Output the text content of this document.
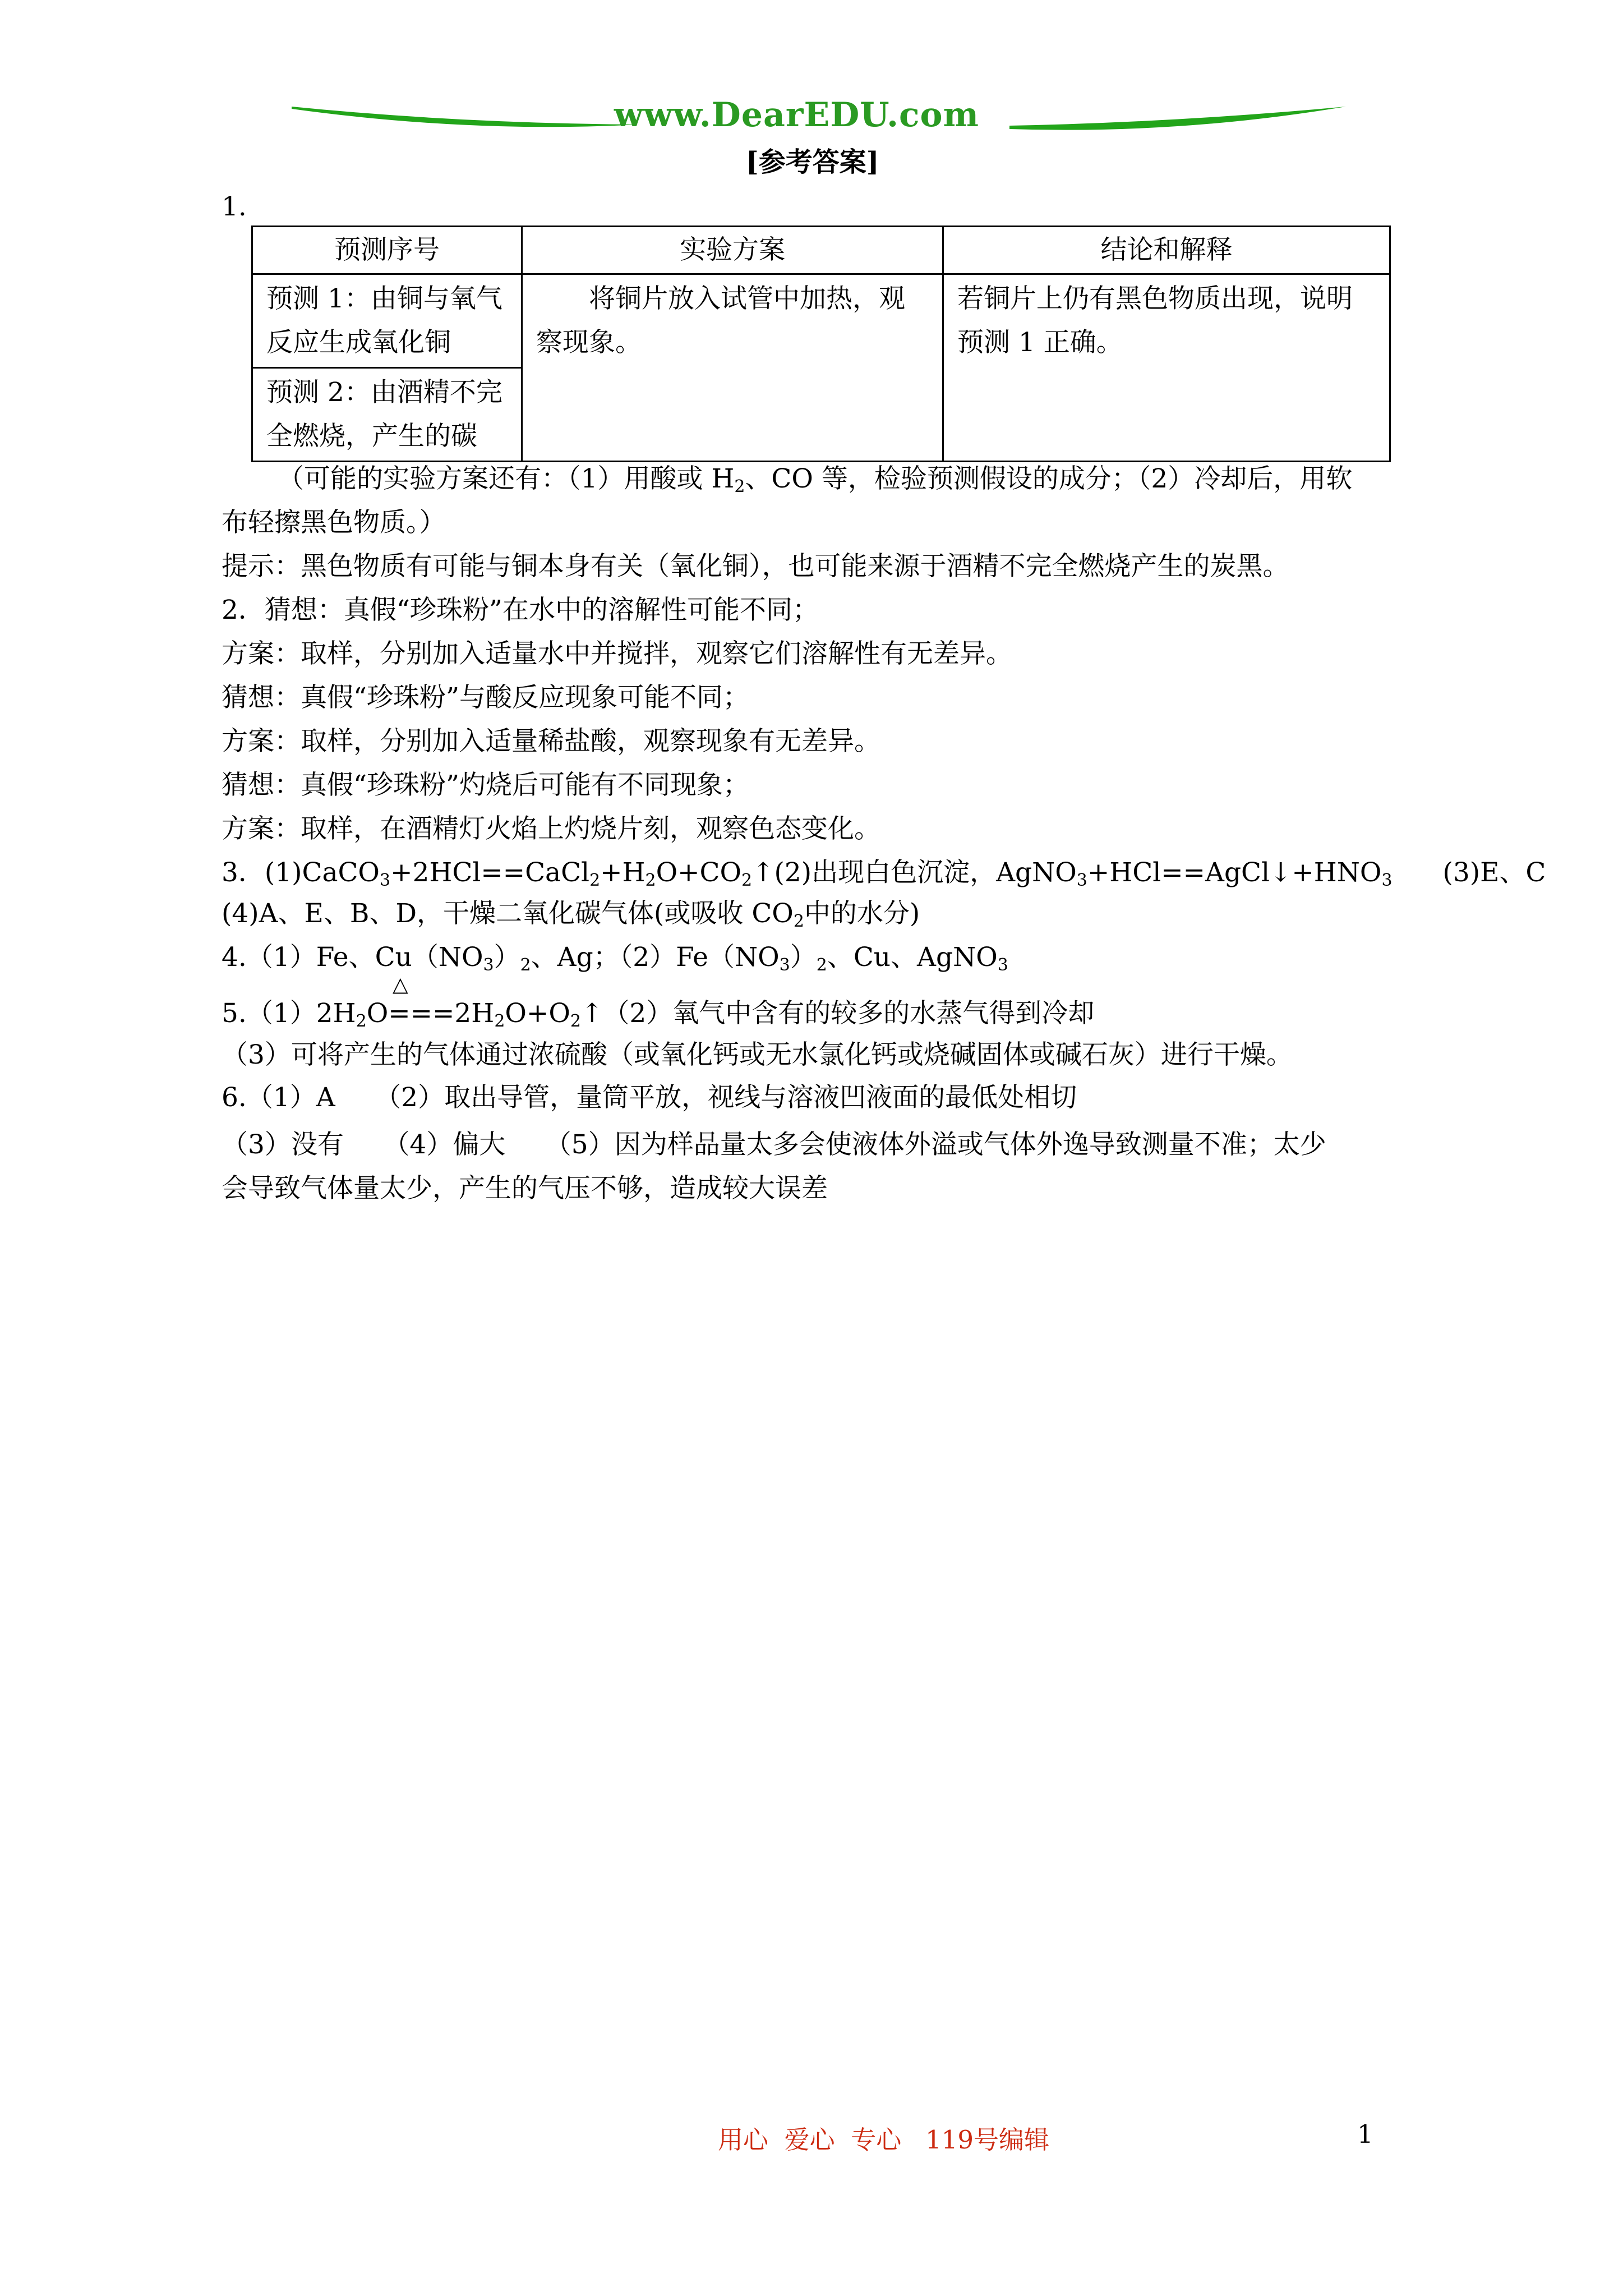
www.DearEDU.com
[参考答案]
1.
预测序号	实验方案	结论和解释
预测 1：由铜与氧气反应生成氧化铜	将铜片放入试管中加热，观察现象。	若铜片上仍有黑色物质出现，说明预测 1 正确。
预测 2：由酒精不完全燃烧，产生的碳		
（可能的实验方案还有：（1）用酸或 $H_2$、CO 等，检验预测假设的成分；（2）冷却后，用软
布轻擦黑色物质。）
提示：黑色物质有可能与铜本身有关（氧化铜），也可能来源于酒精不完全燃烧产生的炭黑。
2．猜想：真假“珍珠粉”在水中的溶解性可能不同；
方案：取样，分别加入适量水中并搅拌，观察它们溶解性有无差异。
猜想：真假“珍珠粉”与酸反应现象可能不同；
方案：取样，分别加入适量稀盐酸，观察现象有无差异。
猜想：真假“珍珠粉”灼烧后可能有不同现象；
方案：取样，在酒精灯火焰上灼烧片刻，观察色态变化。
3．$(1)CaCO_3+2HCl==CaCl_2+H_2O+CO_2↑(2)$出现白色沉淀，$AgNO_3+HCl==AgCl↓+HNO_3$ (3)E、C
(4)A、E、B、D，干燥二氧化碳气体(或吸收 $CO_2$中的水分)
4.（1）Fe、$Cu(NO_3)_2$、Ag；$(2)Fe(NO_3)_2$、Cu、AgNO$_3$
△
$5.(1)2H_2O===2H_2O+O_2↑(2)$氧气中含有的较多的水蒸气得到冷却
（3）可将产生的气体通过浓硫酸（或氧化钙或无水氯化钙或烧碱固体或碱石灰）进行干燥。
6.（1）A　　（2）取出导管，量筒平放，视线与溶液凹液面的最低处相切
（3）没有　　（4）偏大　　（5）因为样品量太多会使液体外溢或气体外逸导致测量不准；太少
会导致气体量太少，产生的气压不够，造成较大误差
用心  爱心  专心   119号编辑	1
